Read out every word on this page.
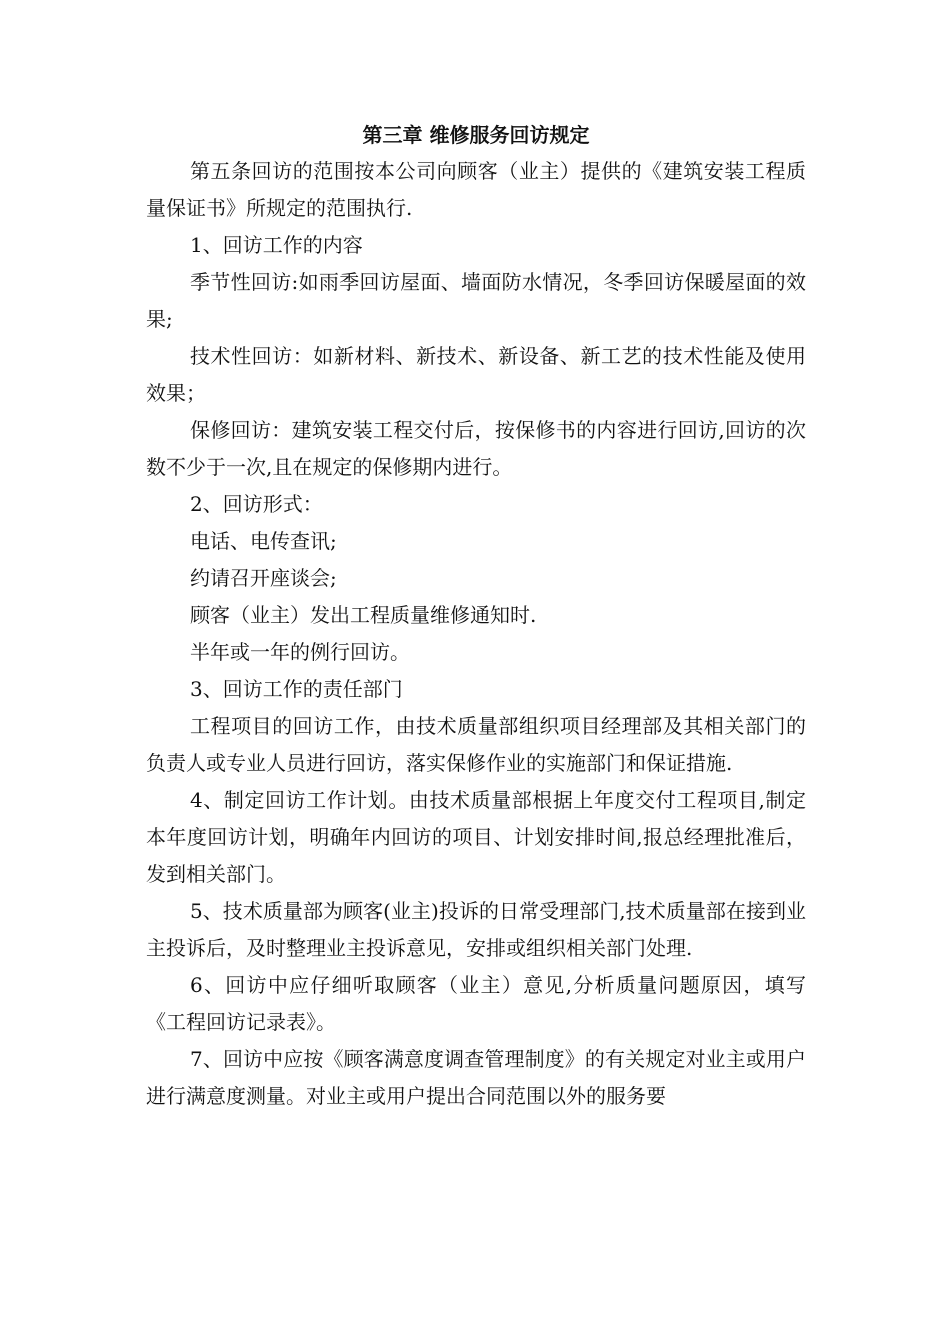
第三章 维修服务回访规定

第五条回访的范围按本公司向顾客（业主）提供的《建筑安装工程质量保证书》所规定的范围执行.

1、回访工作的内容

季节性回访:如雨季回访屋面、墙面防水情况，冬季回访保暖屋面的效果;

技术性回访：如新材料、新技术、新设备、新工艺的技术性能及使用效果；

保修回访：建筑安装工程交付后，按保修书的内容进行回访,回访的次数不少于一次,且在规定的保修期内进行。

2、回访形式：

电话、电传查讯;

约请召开座谈会;

顾客（业主）发出工程质量维修通知时.

半年或一年的例行回访。

3、回访工作的责任部门

工程项目的回访工作，由技术质量部组织项目经理部及其相关部门的负责人或专业人员进行回访，落实保修作业的实施部门和保证措施.

4、制定回访工作计划。由技术质量部根据上年度交付工程项目,制定本年度回访计划，明确年内回访的项目、计划安排时间,报总经理批准后，发到相关部门。

5、技术质量部为顾客(业主)投诉的日常受理部门,技术质量部在接到业主投诉后，及时整理业主投诉意见，安排或组织相关部门处理.

6、回访中应仔细听取顾客（业主）意见,分析质量问题原因，填写《工程回访记录表》。

7、回访中应按《顾客满意度调查管理制度》的有关规定对业主或用户进行满意度测量。对业主或用户提出合同范围以外的服务要
